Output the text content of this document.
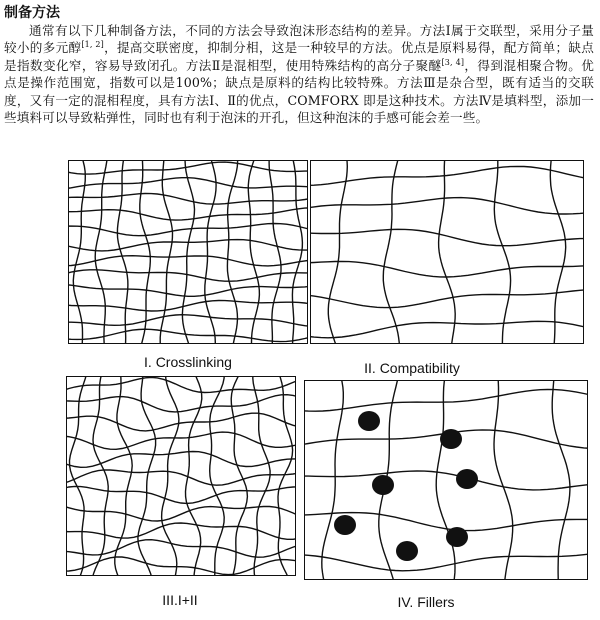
制备方法
通常有以下几种制备方法，不同的方法会导致泡沫形态结构的差异。方法Ⅰ属于交联型，采用分子量较小的多元醇[1, 2]，提高交联密度，抑制分相，这是一种较早的方法。优点是原料易得，配方简单；缺点是指数变化窄，容易导致闭孔。方法Ⅱ是混相型，使用特殊结构的高分子聚醚[3, 4]，得到混相聚合物。优点是操作范围宽，指数可以是100%；缺点是原料的结构比较特殊。方法Ⅲ是杂合型，既有适当的交联度，又有一定的混相程度，具有方法Ⅰ、Ⅱ的优点，COMFORX 即是这种技术。方法Ⅳ是填料型，添加一些填料可以导致粘弹性，同时也有利于泡沫的开孔，但这种泡沫的手感可能会差一些。
I. Crosslinking	II. Compatibility
III.I+II	IV. Fillers
